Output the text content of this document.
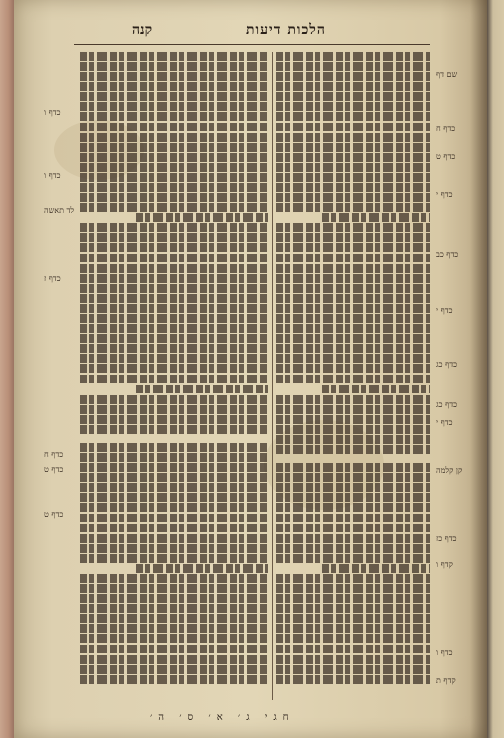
הלכות דיעות
קנה
כדף ו
כדף ו
לד תאשה
כדף ז
כדף ח
כדף ט
כדף ט
שם דף
כדף ח
כדף ט
כדף י
כדף כב
כדף י
כדף כג
כדף כג
כדף י
קן קלמה
כדף כז
קדף ו
כדף ו
קדף ת
חגי ג׳ א׳ ס׳ ה׳
